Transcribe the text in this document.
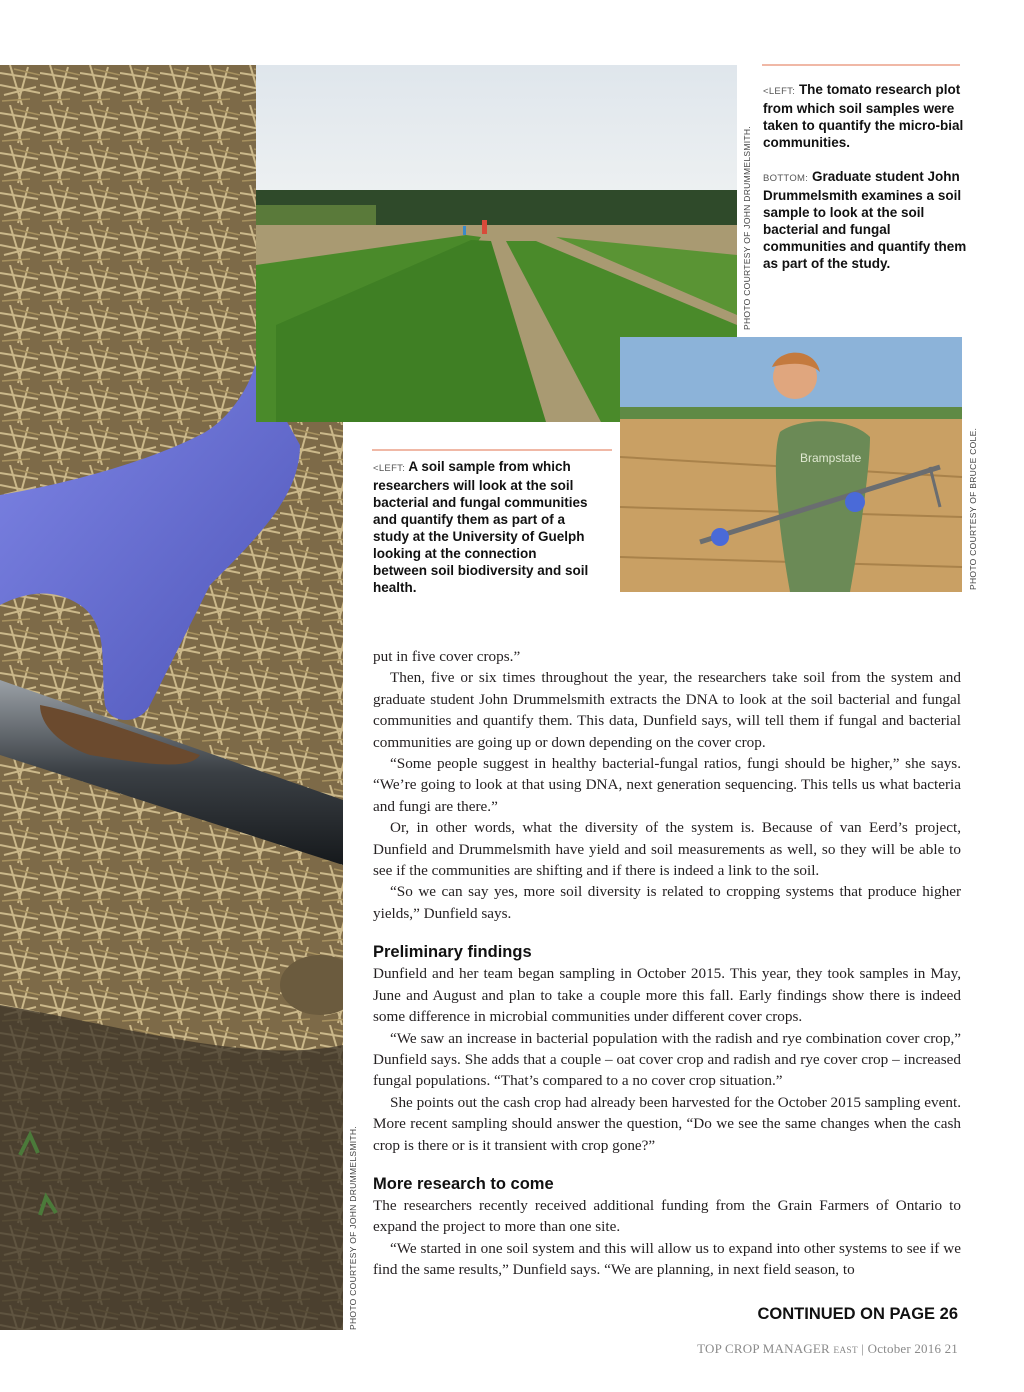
PHOTO COURTESY OF JOHN DRUMMELSMITH.
PHOTO COURTESY OF JOHN DRUMMELSMITH.
Brampstate	PHOTO COURTESY OF BRUCE COLE.

<LEFT: The tomato research plot from which soil samples were taken to quantify the micro-bial communities.

BOTTOM: Graduate student John Drummelsmith examines a soil sample to look at the soil bacterial and fungal communities and quantify them as part of the study.

<LEFT: A soil sample from which researchers will look at the soil bacterial and fungal communities and quantify them as part of a study at the University of Guelph looking at the connection between soil biodiversity and soil health.

put in five cover crops.”

Then, five or six times throughout the year, the researchers take soil from the system and graduate student John Drummelsmith extracts the DNA to look at the soil bacterial and fungal communities and quantify them. This data, Dunfield says, will tell them if fungal and bacterial communities are going up or down depending on the cover crop.

“Some people suggest in healthy bacterial-fungal ratios, fungi should be higher,” she says. “We’re going to look at that using DNA, next generation sequencing. This tells us what bacteria and fungi are there.”

Or, in other words, what the diversity of the system is. Because of van Eerd’s project, Dunfield and Drummelsmith have yield and soil measurements as well, so they will be able to see if the communities are shifting and if there is indeed a link to the soil.

“So we can say yes, more soil diversity is related to cropping systems that produce higher yields,” Dunfield says.

Preliminary findings

Dunfield and her team began sampling in October 2015. This year, they took samples in May, June and August and plan to take a couple more this fall. Early findings show there is indeed some difference in microbial communities under different cover crops.

“We saw an increase in bacterial population with the radish and rye combination cover crop,” Dunfield says. She adds that a couple – oat cover crop and radish and rye cover crop – increased fungal populations. “That’s compared to a no cover crop situation.”

She points out the cash crop had already been harvested for the October 2015 sampling event. More recent sampling should answer the question, “Do we see the same changes when the cash crop is there or is it transient with crop gone?”

More research to come

The researchers recently received additional funding from the Grain Farmers of Ontario to expand the project to more than one site.

“We started in one soil system and this will allow us to expand into other systems to see if we find the same results,” Dunfield says. “We are planning, in next field season, to

CONTINUED ON PAGE 26
TOP CROP MANAGER EAST | October 2016 21
